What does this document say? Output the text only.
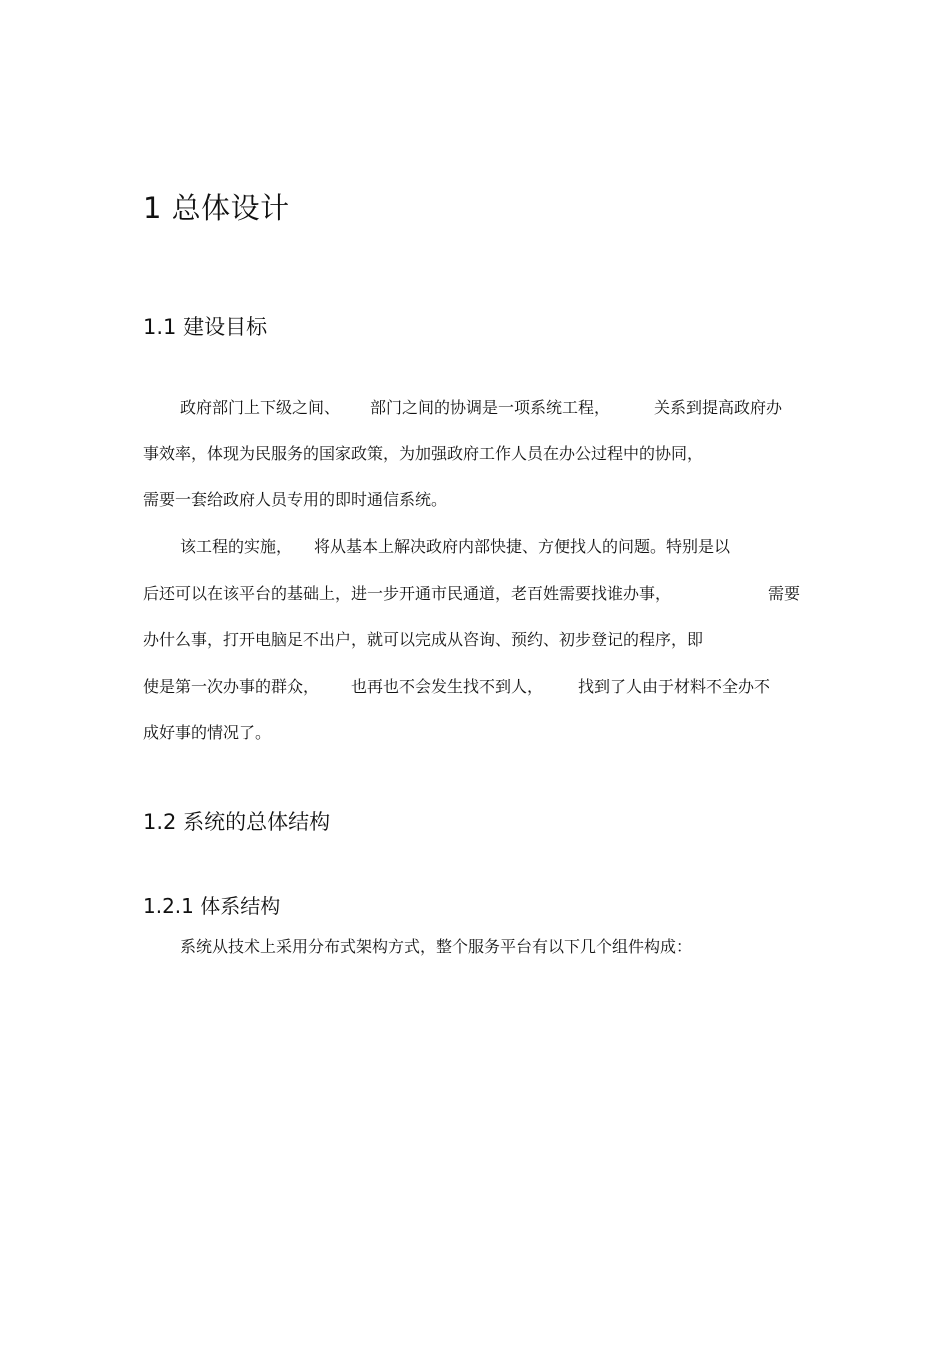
1 总体设计
1.1 建设目标
政府部门上下级之间、 部门之间的协调是一项系统工程，	关系到提高政府办
事效率，体现为民服务的国家政策，为加强政府工作人员在办公过程中的协同，
需要一套给政府人员专用的即时通信系统。
该工程的实施， 将从基本上解决政府内部快捷、方便找人的问题。特别是以
后还可以在该平台的基础上，进一步开通市民通道，老百姓需要找谁办事，	需要
办什么事，打开电脑足不出户，就可以完成从咨询、预约、初步登记的程序，即
使是第一次办事的群众， 也再也不会发生找不到人， 找到了人由于材料不全办不
成好事的情况了。
1.2 系统的总体结构
1.2.1 体系结构
系统从技术上采用分布式架构方式，整个服务平台有以下几个组件构成：
